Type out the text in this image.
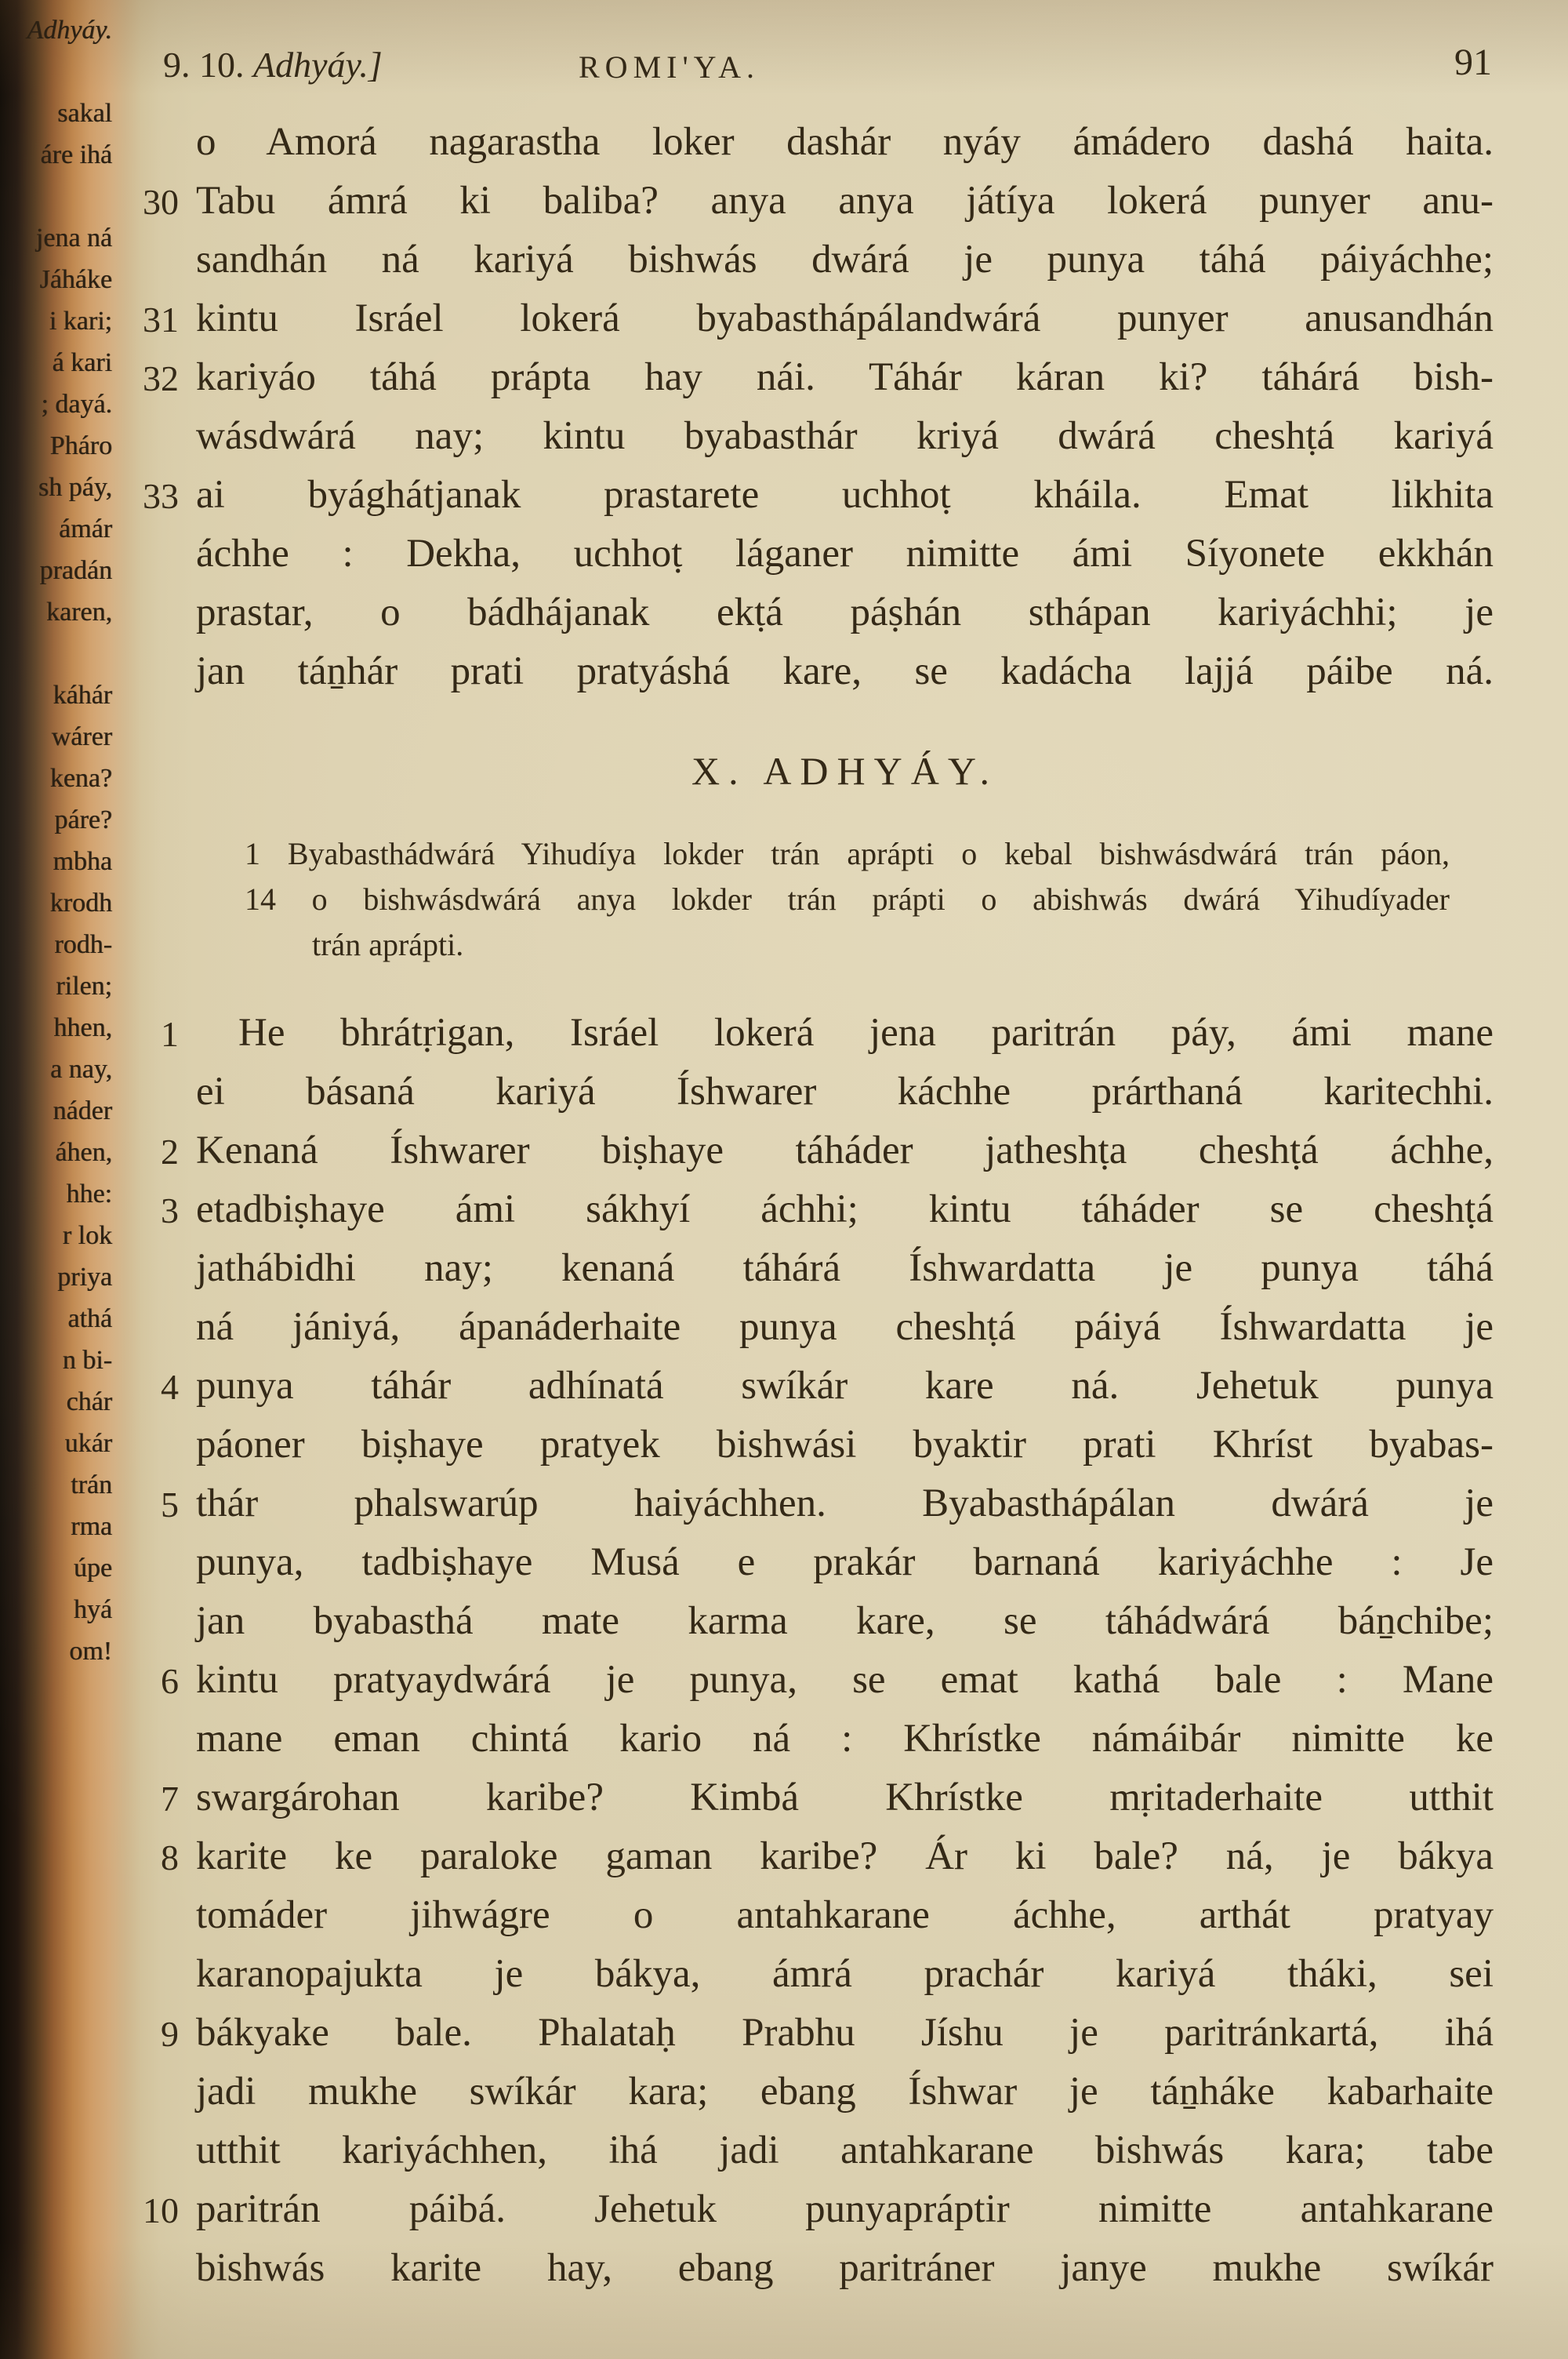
Adhyáy.
sakal
áre ihá
jena ná
Jáháke
i kari;
á kari
; dayá.
Pháro
sh páy,
ámár
pradán
karen,
káhár
wárer
kena?
páre?
mbha
krodh
rodh-
rilen;
hhen,
a nay,
náder
áhen,
hhe:
r lok
priya
athá
n bi-
chár
ukár
trán
rma
úpe
hyá
om!
9. 10. Adhyáy.]	ROMI'YA.	91
o Amorá nagarastha loker dashár nyáy ámádero dashá haita.
30 Tabu ámrá ki baliba? anya anya játíya lokerá punyer anu-
sandhán ná kariyá bishwás dwárá je punya táhá páiyáchhe;
31 kintu Isráel lokerá byabasthápálandwárá punyer anusandhán
32 kariyáo táhá prápta hay nái. Táhár káran ki? táhárá bish-
wásdwárá nay; kintu byabasthár kriyá dwárá cheshṭá kariyá
33 ai byághátjanak prastarete uchhoṭ kháila. Emat likhita
áchhe : Dekha, uchhoṭ láganer nimitte ámi Síyonete ekkhán
prastar, o bádhájanak ekṭá páṣhán sthápan kariyáchhi; je
jan táṉhár prati pratyáshá kare, se kadácha lajjá páibe ná.
X. ADHYÁY.
1 Byabasthádwárá Yihudíya lokder trán aprápti o kebal bishwásdwárá trán páon,
14 o bishwásdwárá anya lokder trán prápti o abishwás dwárá Yihudíyader
trán aprápti.
1	He bhrátṛigan, Isráel lokerá jena paritrán páy, ámi mane
ei básaná kariyá Íshwarer káchhe prárthaná karitechhi.
2 Kenaná Íshwarer biṣhaye táháder jatheshṭa cheshṭá áchhe,
3 etadbiṣhaye ámi sákhyí áchhi; kintu táháder se cheshṭá
jathábidhi nay; kenaná táhárá Íshwardatta je punya táhá
ná jániyá, ápanáderhaite punya cheshṭá páiyá Íshwardatta je
4 punya táhár adhínatá swíkár kare ná. Jehetuk punya
páoner biṣhaye pratyek bishwási byaktir prati Khríst byabas-
5 thár phalswarúp haiyáchhen. Byabasthápálan dwárá je
punya, tadbiṣhaye Musá e prakár barnaná kariyáchhe : Je
jan byabasthá mate karma kare, se táhádwárá báṉchibe;
6 kintu pratyaydwárá je punya, se emat kathá bale : Mane
mane eman chintá kario ná : Khrístke námáibár nimitte ke
7 swargárohan karibe? Kimbá Khrístke mṛitaderhaite utthit
8 karite ke paraloke gaman karibe? Ár ki bale? ná, je bákya
tomáder jihwágre o antahkarane áchhe, arthát pratyay
karanopajukta je bákya, ámrá prachár kariyá tháki, sei
9 bákyake bale. Phalataḥ Prabhu Jíshu je paritránkartá, ihá
jadi mukhe swíkár kara; ebang Íshwar je táṉháke kabarhaite
utthit kariyáchhen, ihá jadi antahkarane bishwás kara; tabe
10 paritrán páibá. Jehetuk punyapráptir nimitte antahkarane
bishwás karite hay, ebang paritráner janye mukhe swíkár
